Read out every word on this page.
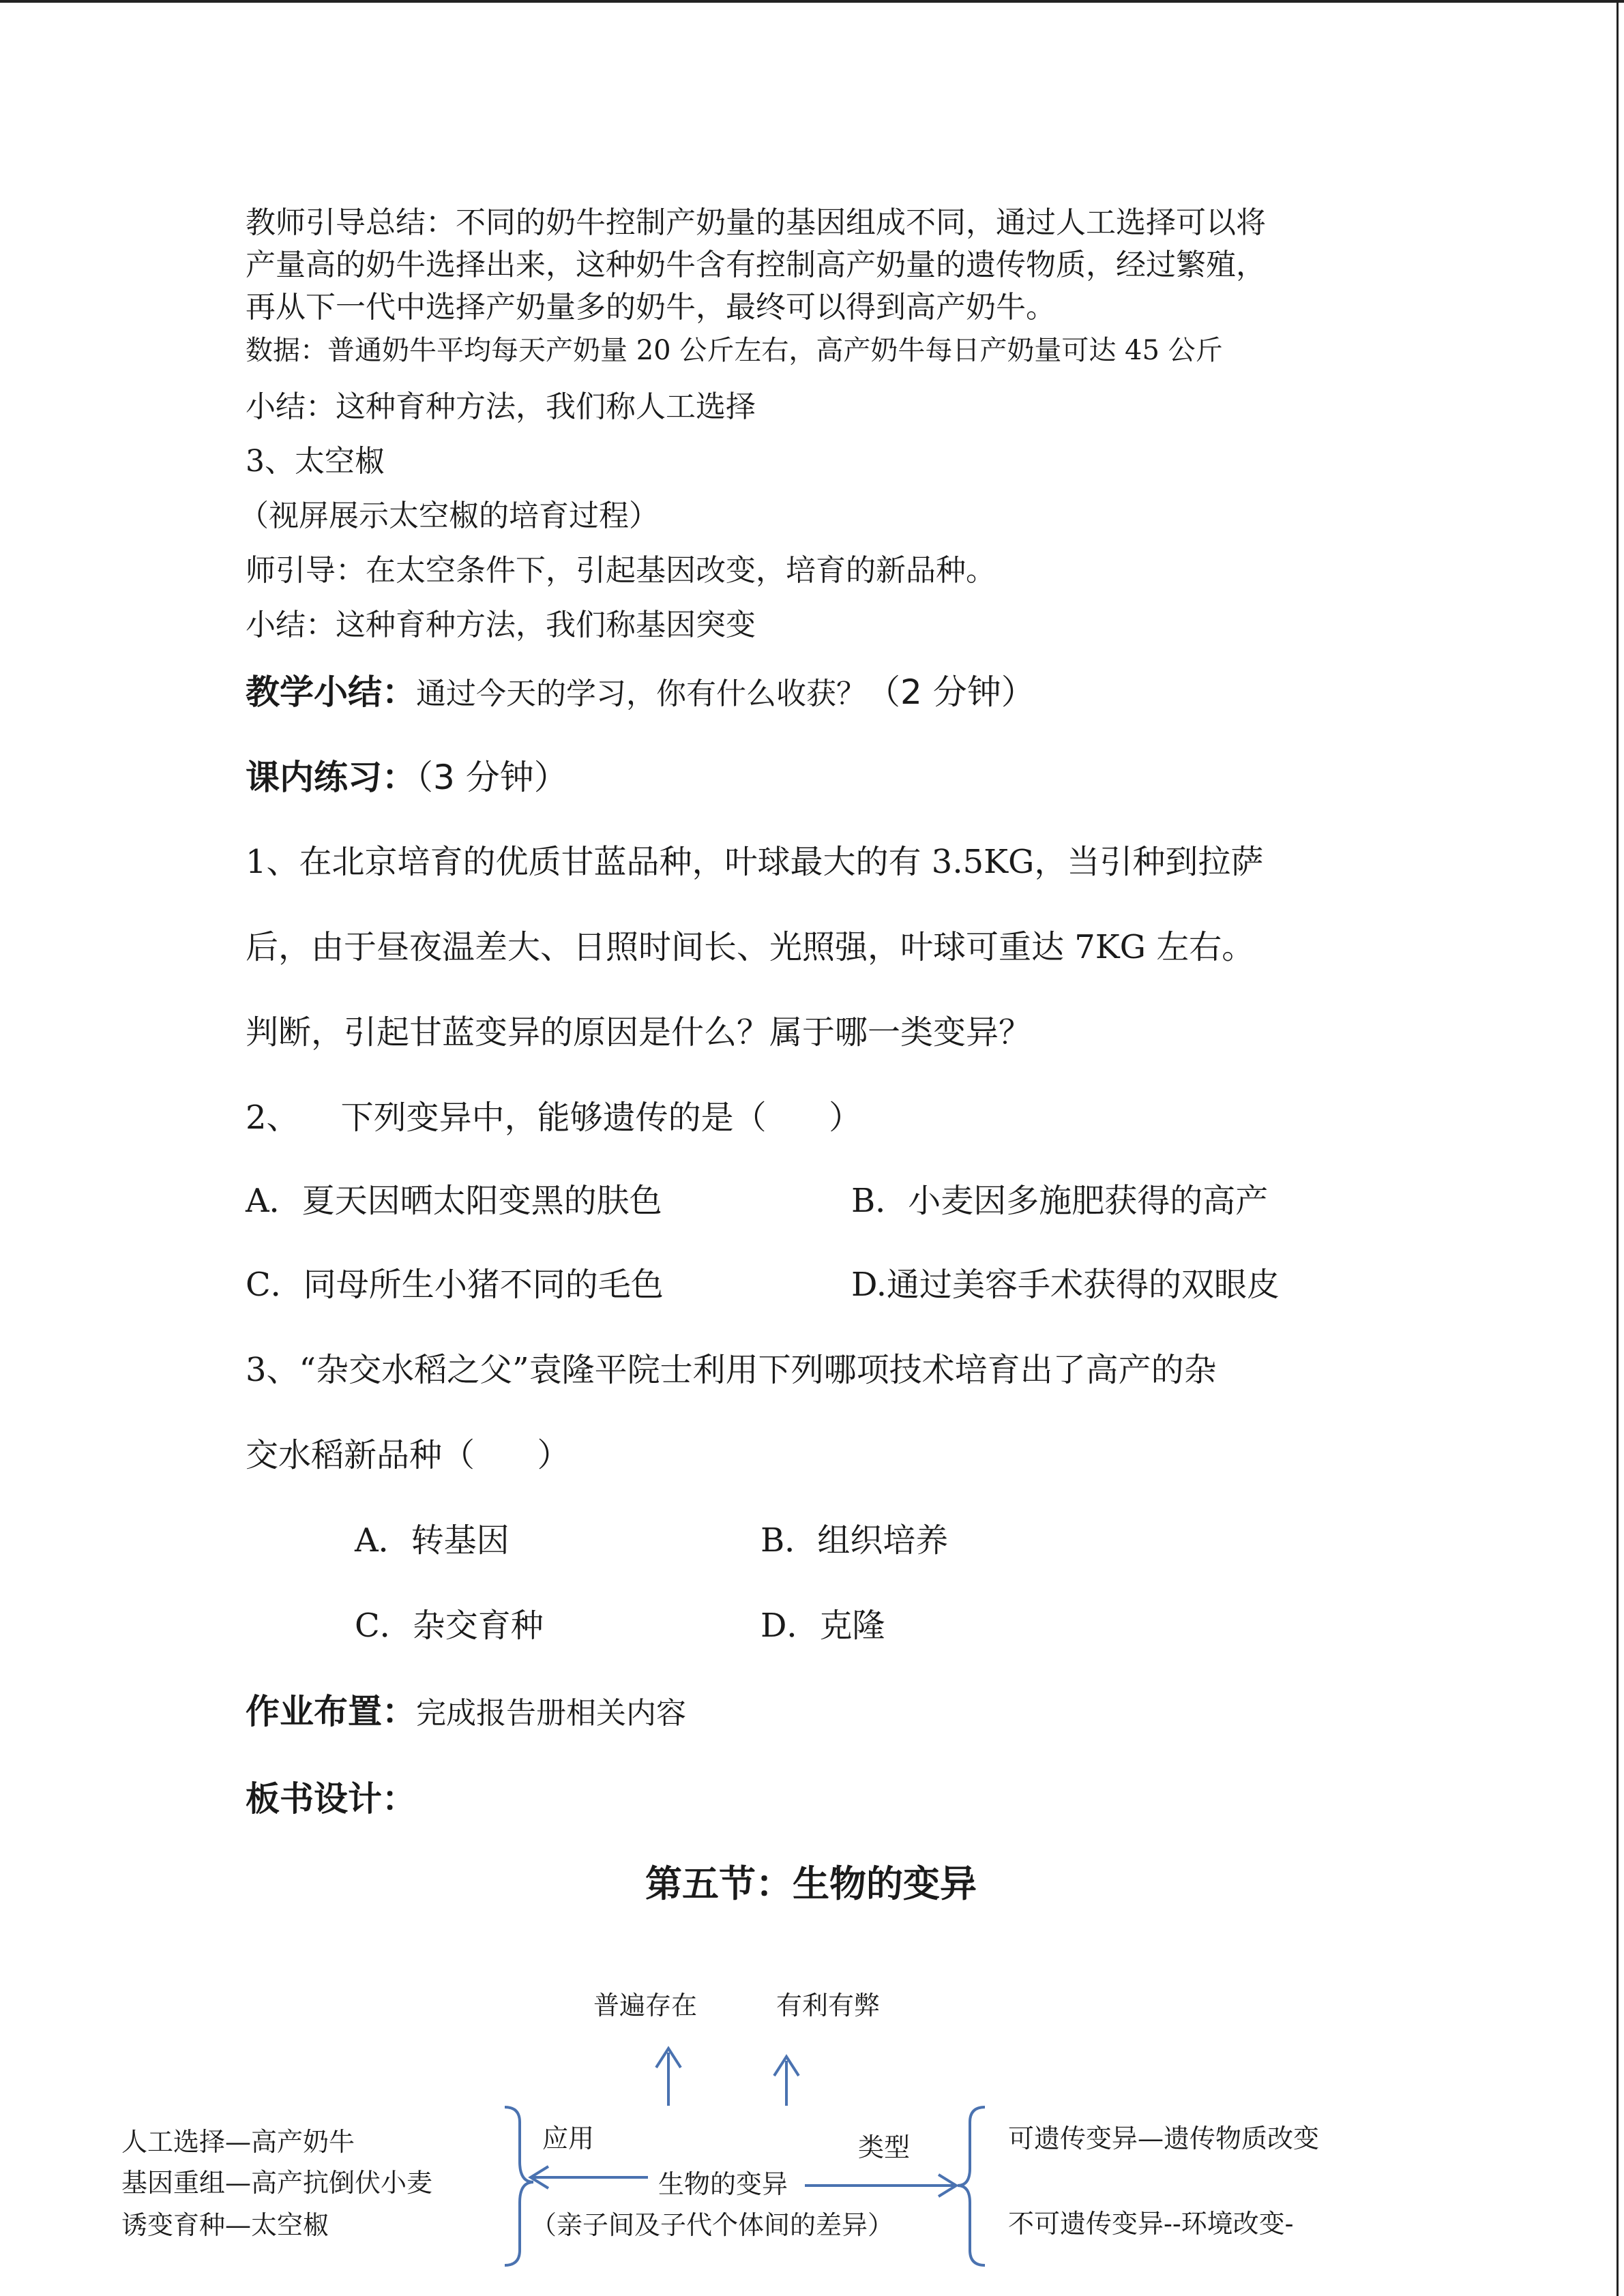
教师引导总结：不同的奶牛控制产奶量的基因组成不同，通过人工选择可以将

产量高的奶牛选择出来，这种奶牛含有控制高产奶量的遗传物质，经过繁殖，

再从下一代中选择产奶量多的奶牛，最终可以得到高产奶牛。

数据：普通奶牛平均每天产奶量 20 公斤左右，高产奶牛每日产奶量可达 45 公斤

小结：这种育种方法，我们称人工选择

3、太空椒

（视屏展示太空椒的培育过程）

师引导：在太空条件下，引起基因改变，培育的新品种。

小结：这种育种方法，我们称基因突变

教学小结：通过今天的学习，你有什么收获？（2 分钟）

课内练习：（3 分钟）

1、在北京培育的优质甘蓝品种，叶球最大的有 3.5KG，当引种到拉萨

后，由于昼夜温差大、日照时间长、光照强，叶球可重达 7KG 左右。

判断，引起甘蓝变异的原因是什么？属于哪一类变异？

2、    下列变异中，能够遗传的是（      ）

A．夏天因晒太阳变黑的肤色	B．小麦因多施肥获得的高产

C．同母所生小猪不同的毛色	D.通过美容手术获得的双眼皮

3、“杂交水稻之父”袁隆平院士利用下列哪项技术培育出了高产的杂

交水稻新品种（      ）

A．转基因	B．组织培养

C．杂交育种	D．克隆

作业布置：完成报告册相关内容

板书设计：

第五节：生物的变异

普遍存在	有利有弊

应用	类型

生物的变异

（亲子间及子代个体间的差异）

人工选择—高产奶牛

基因重组—高产抗倒伏小麦

诱变育种—太空椒

可遗传变异—遗传物质改变

不可遗传变异--环境改变-
